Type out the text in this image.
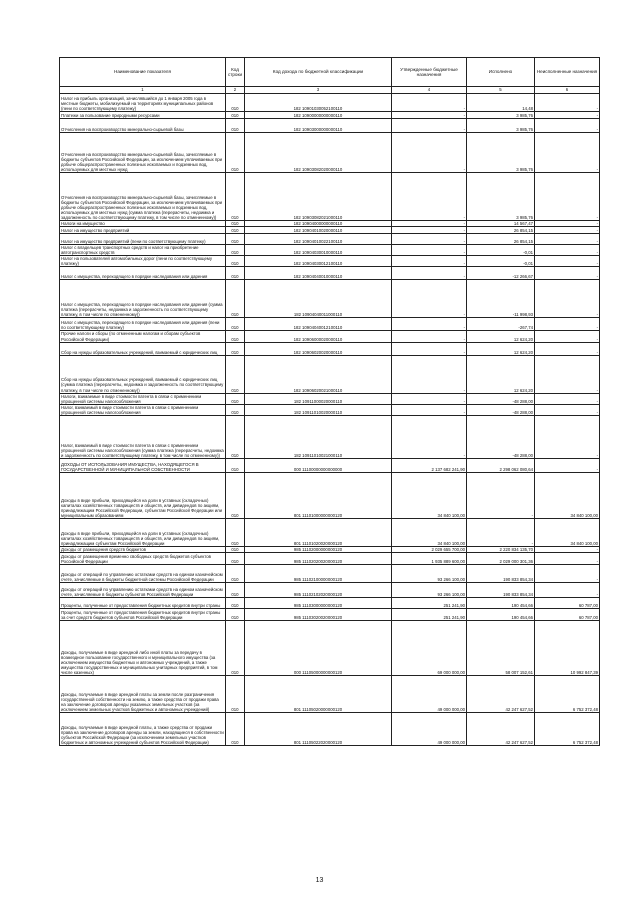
Наименование показателя	Код строки	Код дохода по бюджетной классификации	Утвержденные бюджетные назначения	Исполнено	Неисполненные назначения
1	2	3	4	5	6
Налог на прибыль организаций, зачислявшийся до 1 января 2005 года в местные бюджеты, мобилизуемый на территориях муниципальных районов (пени по соответствующему платежу)	010	182 10901030052100110	-	14,48	-
Платежи за пользование природными ресурсами	010	182 10900000000000110	-	3 985,76	-
Отчисления на воспроизводство минерально-сырьевой базы	010	182 10903000000000110	-	3 985,76	-
Отчисления на воспроизводство минерально-сырьевой базы, зачисляемые в бюджеты субъектов Российской Федерации, за исключением уплачиваемых при добыче общераспространенных полезных ископаемых и подземных вод, используемых для местных нужд	010	182 10903082020000110	-	3 985,76	-
Отчисления на воспроизводство минерально-сырьевой базы, зачисляемые в бюджеты субъектов Российской Федерации, за исключением уплачиваемых при добыче общераспространенных полезных ископаемых и подземных вод, используемых для местных нужд (сумма платежа (перерасчеты, недоимка и задолженность по соответствующему платежу, в том числе по отмененному))	010	182 10903082021000110	-	3 985,76	-
Налоги на имущество	010	182 10904000000000110	-	14 567,47	-
Налог на имущество предприятий	010	182 10904010020000110	-	26 854,15	-
Налог на имущество предприятий (пени по соответствующему платежу)	010	182 10904010022100110	-	26 854,15	-
Налог с владельцев транспортных средств и налог на приобретение автотранспортных средств	010	182 10904030010000110	-	-0,01	-
Налог на пользователей автомобильных дорог (пени по соответствующему платежу)	010	182 10904030012100110	-	-0,01	-
Налог с имущества, переходящего в порядке наследования или дарения	010	182 10904040010000110	-	-12 266,67	-
Налог с имущества, переходящего в порядке наследования или дарения (сумма платежа (перерасчеты, недоимка и задолженность по соответствующему платежу, в том числе по отмененному))	010	182 10904040011000110	-	-11 998,93	-
Налог с имущества, переходящего в порядке наследования или дарения (пени по соответствующему платежу)	010	182 10904040012100110	-	-267,74	-
Прочие налоги и сборы (по отмененным налогам и сборам субъектов Российской Федерации)	010	182 10906000020000110	-	12 624,20	-
Сбор на нужды образовательных учреждений, взимаемый с юридических лиц	010	182 10906020020000110	-	12 624,20	-
Сбор на нужды образовательных учреждений, взимаемый с юридических лиц (сумма платежа (перерасчеты, недоимка и задолженность по соответствующему платежу, в том числе по отмененному))	010	182 10906020021000110	-	12 624,20	-
Налоги, взимаемые в виде стоимости патента в связи с применением упрощенной системы налогообложения	010	182 10911000020000110	-	-48 288,00	-
Налог, взимаемый в виде стоимости патента в связи с применением упрощенной системы налогообложения	010	182 10911010020000110	-	-48 288,00	-
Налог, взимаемый в виде стоимости патента в связи с применением упрощенной системы налогообложения (сумма платежа (перерасчеты, недоимка и задолженность по соответствующему платежу, в том числе по отмененному))	010	182 10911010021000110	-	-48 288,00	-
ДОХОДЫ ОТ ИСПОЛЬЗОВАНИЯ ИМУЩЕСТВА, НАХОДЯЩЕГОСЯ В ГОСУДАРСТВЕННОЙ И МУНИЦИПАЛЬНОЙ СОБСТВЕННОСТИ	010	000 11100000000000000	2 137 682 241,90	2 298 062 080,64	-
Доходы в виде прибыли, приходящейся на доли в уставных (складочных) капиталах хозяйственных товариществ и обществ, или дивидендов по акциям, принадлежащим Российской Федерации, субъектам Российской Федерации или муниципальным образованиям	010	801 11101000000000120	34 840 100,00	-	34 840 100,00
Доходы в виде прибыли, приходящейся на доли в уставных (складочных) капиталах хозяйственных товариществ и обществ, или дивидендов по акциям, принадлежащим субъектам Российской Федерации	010	801 11101020020000120	34 840 100,00	-	34 840 100,00
Доходы от размещения средств бюджетов	010	985 11102000000000120	2 029 655 700,00	2 220 834 135,70	-
Доходы от размещения временно свободных средств бюджетов субъектов Российской Федерации	010	985 11102020020000120	1 935 889 600,00	2 029 000 301,36	-
Доходы от операций по управлению остатками средств на едином казначейском счете, зачисляемые в бюджеты бюджетной системы Российской Федерации	010	985 11102100000000120	93 266 100,00	190 833 854,34	-
Доходы от операций по управлению остатками средств на едином казначейском счете, зачисляемые в бюджеты субъектов Российской Федерации	010	985 11102102020000120	93 266 100,00	190 833 854,34	-
Проценты, полученные от предоставления бюджетных кредитов внутри страны	010	985 11103000000000120	251 241,90	190 454,66	60 787,00
Проценты, полученные от предоставления бюджетных кредитов внутри страны за счет средств бюджетов субъектов Российской Федерации	010	985 11103020020000120	251 241,90	190 454,66	60 787,00
Доходы, получаемые в виде арендной либо иной платы за передачу в возмездное пользование государственного и муниципального имущества (за исключением имущества бюджетных и автономных учреждений, а также имущества государственных и муниципальных унитарных предприятий, в том числе казенных)	010	000 11105000000000120	69 000 000,00	58 007 152,61	10 992 847,39
Доходы, получаемые в виде арендной платы за земли после разграничения государственной собственности на землю, а также средства от продажи права на заключение договоров аренды указанных земельных участков (за исключением земельных участков бюджетных и автономных учреждений)	010	801 11105020000000120	49 000 000,00	42 247 627,52	6 752 372,48
Доходы, получаемые в виде арендной платы, а также средства от продажи права на заключение договоров аренды за земли, находящиеся в собственности субъектов Российской Федерации (за исключением земельных участков бюджетных и автономных учреждений субъектов Российской Федерации)	010	801 11105022020000120	49 000 000,00	42 247 627,52	6 752 372,48
13
